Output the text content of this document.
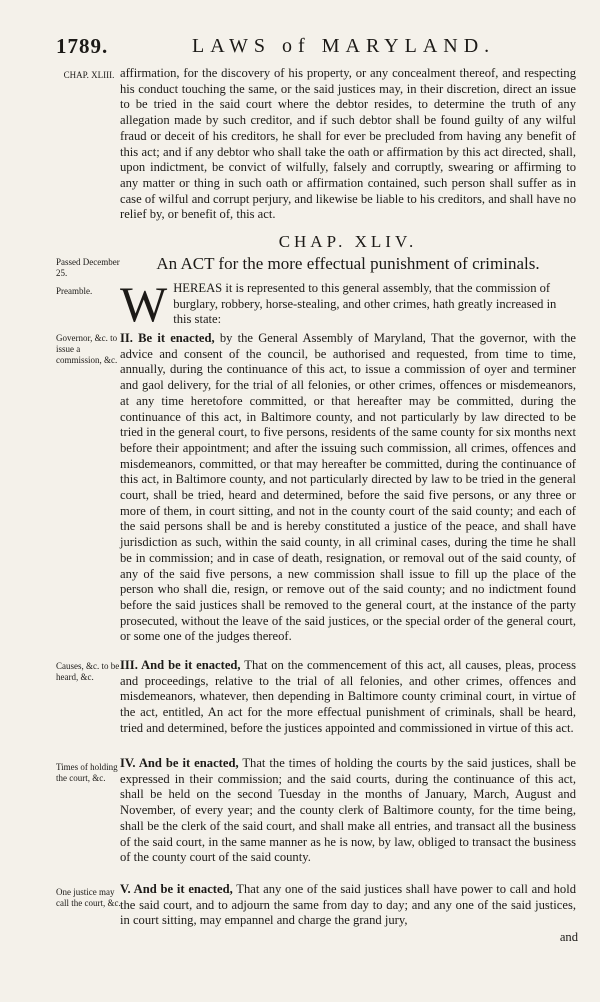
1789.	LAWS of MARYLAND.
CHAP. XLIII. affirmation, for the discovery of his property, or any concealment thereof, and respecting his conduct touching the same, or the said justices may, in their discretion, direct an issue to be tried in the said court where the debtor resides, to determine the truth of any allegation made by such creditor, and if such debtor shall be found guilty of any wilful fraud or deceit of his creditors, he shall for ever be precluded from having any benefit of this act; and if any debtor who shall take the oath or affirmation by this act directed, shall, upon indictment, be convict of wilfully, falsely and corruptly, swearing or affirming to any matter or thing in such oath or affirmation contained, such person shall suffer as in case of wilful and corrupt perjury, and likewise be liable to his creditors, and shall have no relief by, or benefit of, this act.

CHAP. XLIV.
Passed December 25.	An ACT for the more effectual punishment of criminals.
Preamble. WHEREAS it is represented to this general assembly, that the commission of burglary, robbery, horse-stealing, and other crimes, hath greatly increased in this state:
Governor, &c. to issue a commission, &c.

II. Be it enacted, by the General Assembly of Maryland, That the governor, with the advice and consent of the council, be authorised and requested, from time to time, annually, during the continuance of this act, to issue a commission of oyer and terminer and gaol delivery, for the trial of all felonies, or other crimes, offences or misdemeanors, at any time heretofore committed, or that hereafter may be committed, during the continuance of this act, in Baltimore county, and not particularly by law directed to be tried in the general court, to five persons, residents of the same county for six months next before their appointment; and after the issuing such commission, all crimes, offences and misdemeanors, committed, or that may hereafter be committed, during the continuance of this act, in Baltimore county, and not particularly directed by law to be tried in the general court, shall be tried, heard and determined, before the said five persons, or any three or more of them, in court sitting, and not in the county court of the said county; and each of the said persons shall be and is hereby constituted a justice of the peace, and shall have jurisdiction as such, within the said county, in all criminal cases, during the time he shall be in commission; and in case of death, resignation, or removal out of the said county, of any of the said five persons, a new commission shall issue to fill up the place of the person who shall die, resign, or remove out of the said county; and no indictment found before the said justices shall be removed to the general court, at the instance of the party prosecuted, without the leave of the said justices, or the special order of the general court, or some one of the judges thereof.

Causes, &c. to be heard, &c.

III. And be it enacted, That on the commencement of this act, all causes, pleas, process and proceedings, relative to the trial of all felonies, and other crimes, offences and misdemeanors, whatever, then depending in Baltimore county criminal court, in virtue of the act, entitled, An act for the more effectual punishment of criminals, shall be heard, tried and determined, before the justices appointed and commissioned in virtue of this act.

Times of holding the court, &c.

IV. And be it enacted, That the times of holding the courts by the said justices, shall be expressed in their commission; and the said courts, during the continuance of this act, shall be held on the second Tuesday in the months of January, March, August and November, of every year; and the county clerk of Baltimore county, for the time being, shall be the clerk of the said court, and shall make all entries, and transact all the business of the said court, in the same manner as he is now, by law, obliged to transact the business of the county court of the said county.

One justice may call the court, &c.

V. And be it enacted, That any one of the said justices shall have power to call and hold the said court, and to adjourn the same from day to day; and any one of the said justices, in court sitting, may empannel and charge the grand jury,

and
